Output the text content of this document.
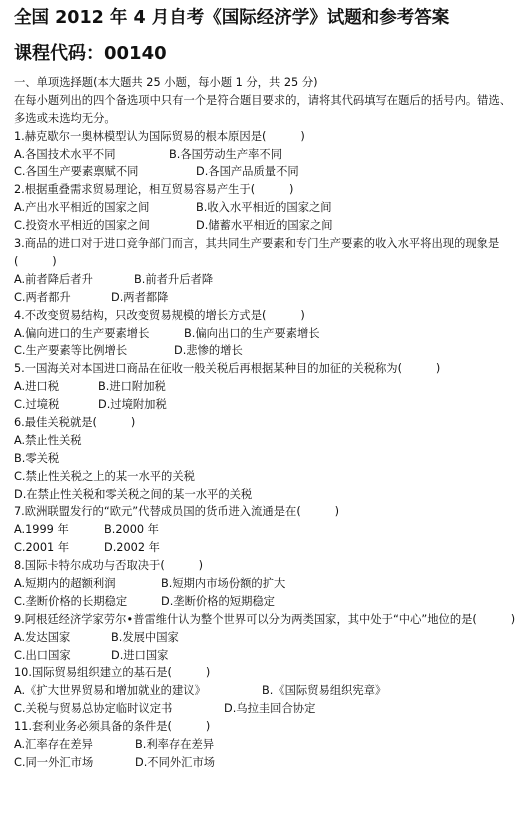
全国 2012 年 4 月自考《国际经济学》试题和参考答案
课程代码： 00140
一、单项选择题(本大题共 25 小题，每小题 1 分，共 25 分)
在每小题列出的四个备选项中只有一个是符合题目要求的，请将其代码填写在题后的括号内。错选、多选或未选均无分。
1.赫克歇尔一奥林模型认为国际贸易的根本原因是(　　　)
A.各国技术水平不同	B.各国劳动生产率不同
C.各国生产要素禀赋不同	D.各国产品质量不同
2.根据重叠需求贸易理论，相互贸易容易产生于(　　　)
A.产出水平相近的国家之间	B.收入水平相近的国家之间
C.投资水平相近的国家之间	D.储蓄水平相近的国家之间
3.商品的进口对于进口竞争部门而言，其共同生产要素和专门生产要素的收入水平将出现的现象是(　　　)
A.前者降后者升	B.前者升后者降
C.两者都升	D.两者都降
4.不改变贸易结构，只改变贸易规模的增长方式是(　　　)
A.偏向进口的生产要素增长	B.偏向出口的生产要素增长
C.生产要素等比例增长	D.悲惨的增长
5.一国海关对本国进口商品在征收一般关税后再根据某种目的加征的关税称为(　　　)
A.进口税	B.进口附加税
C.过境税	D.过境附加税
6.最佳关税就是(　　　)
A.禁止性关税
B.零关税
C.禁止性关税之上的某一水平的关税
D.在禁止性关税和零关税之间的某一水平的关税
7.欧洲联盟发行的“欧元”代替成员国的货币进入流通是在(　　　)
A.1999 年	B.2000 年
C.2001 年	D.2002 年
8.国际卡特尔成功与否取决于(　　　)
A.短期内的超额利润	B.短期内市场份额的扩大
C.垄断价格的长期稳定	D.垄断价格的短期稳定
9.阿根廷经济学家劳尔•普雷维什认为整个世界可以分为两类国家，其中处于“中心”地位的是(　　　)
A.发达国家	B.发展中国家
C.出口国家	D.进口国家
10.国际贸易组织建立的基石是(　　　)
A.《扩大世界贸易和增加就业的建议》	B.《国际贸易组织宪章》
C.关税与贸易总协定临时议定书	D.乌拉圭回合协定
11.套利业务必须具备的条件是(　　　)
A.汇率存在差异	B.利率存在差异
C.同一外汇市场	D.不同外汇市场
